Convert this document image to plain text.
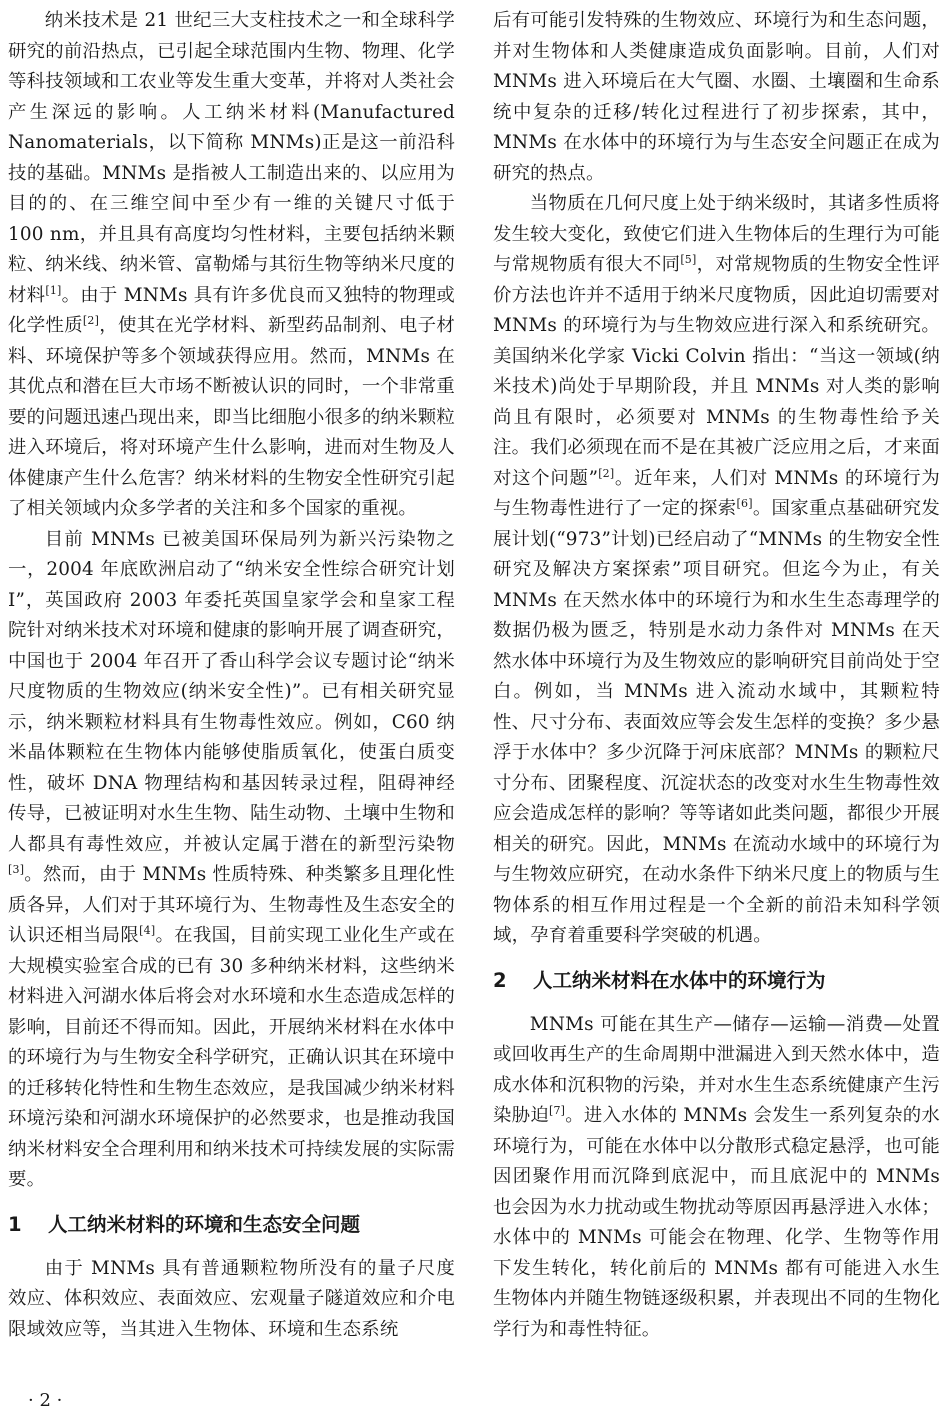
纳米技术是 21 世纪三大支柱技术之一和全球科学研究的前沿热点，已引起全球范围内生物、物理、化学等科技领域和工农业等发生重大变革，并将对人类社会产生深远的影响。人工纳米材料(Manufactured Nanomaterials，以下简称 MNMs)正是这一前沿科技的基础。MNMs 是指被人工制造出来的、以应用为目的的、在三维空间中至少有一维的关键尺寸低于 100 nm，并且具有高度均匀性材料，主要包括纳米颗粒、纳米线、纳米管、富勒烯与其衍生物等纳米尺度的材料[1]。由于 MNMs 具有许多优良而又独特的物理或化学性质[2]，使其在光学材料、新型药品制剂、电子材料、环境保护等多个领域获得应用。然而，MNMs 在其优点和潜在巨大市场不断被认识的同时，一个非常重要的问题迅速凸现出来，即当比细胞小很多的纳米颗粒进入环境后，将对环境产生什么影响，进而对生物及人体健康产生什么危害？纳米材料的生物安全性研究引起了相关领域内众多学者的关注和多个国家的重视。

目前 MNMs 已被美国环保局列为新兴污染物之一，2004 年底欧洲启动了“纳米安全性综合研究计划 I”，英国政府 2003 年委托英国皇家学会和皇家工程院针对纳米技术对环境和健康的影响开展了调查研究，中国也于 2004 年召开了香山科学会议专题讨论“纳米尺度物质的生物效应(纳米安全性)”。已有相关研究显示，纳米颗粒材料具有生物毒性效应。例如，C60 纳米晶体颗粒在生物体内能够使脂质氧化，使蛋白质变性，破坏 DNA 物理结构和基因转录过程，阻碍神经传导，已被证明对水生生物、陆生动物、土壤中生物和人都具有毒性效应，并被认定属于潜在的新型污染物[3]。然而，由于 MNMs 性质特殊、种类繁多且理化性质各异，人们对于其环境行为、生物毒性及生态安全的认识还相当局限[4]。在我国，目前实现工业化生产或在大规模实验室合成的已有 30 多种纳米材料，这些纳米材料进入河湖水体后将会对水环境和水生态造成怎样的影响，目前还不得而知。因此，开展纳米材料在水体中的环境行为与生物安全科学研究，正确认识其在环境中的迁移转化特性和生物生态效应，是我国减少纳米材料环境污染和河湖水环境保护的必然要求，也是推动我国纳米材料安全合理利用和纳米技术可持续发展的实际需要。

1 人工纳米材料的环境和生态安全问题

由于 MNMs 具有普通颗粒物所没有的量子尺度效应、体积效应、表面效应、宏观量子隧道效应和介电限域效应等，当其进入生物体、环境和生态系统

后有可能引发特殊的生物效应、环境行为和生态问题，并对生物体和人类健康造成负面影响。目前，人们对 MNMs 进入环境后在大气圈、水圈、土壤圈和生命系统中复杂的迁移/转化过程进行了初步探索，其中，MNMs 在水体中的环境行为与生态安全问题正在成为研究的热点。

当物质在几何尺度上处于纳米级时，其诸多性质将发生较大变化，致使它们进入生物体后的生理行为可能与常规物质有很大不同[5]，对常规物质的生物安全性评价方法也许并不适用于纳米尺度物质，因此迫切需要对 MNMs 的环境行为与生物效应进行深入和系统研究。美国纳米化学家 Vicki Colvin 指出：“当这一领域(纳米技术)尚处于早期阶段，并且 MNMs 对人类的影响尚且有限时，必须要对 MNMs 的生物毒性给予关注。我们必须现在而不是在其被广泛应用之后，才来面对这个问题”[2]。近年来，人们对 MNMs 的环境行为与生物毒性进行了一定的探索[6]。国家重点基础研究发展计划(“973”计划)已经启动了“MNMs 的生物安全性研究及解决方案探索”项目研究。但迄今为止，有关 MNMs 在天然水体中的环境行为和水生生态毒理学的数据仍极为匮乏，特别是水动力条件对 MNMs 在天然水体中环境行为及生物效应的影响研究目前尚处于空白。例如，当 MNMs 进入流动水域中，其颗粒特性、尺寸分布、表面效应等会发生怎样的变换？多少悬浮于水体中？多少沉降于河床底部？MNMs 的颗粒尺寸分布、团聚程度、沉淀状态的改变对水生生物毒性效应会造成怎样的影响？等等诸如此类问题，都很少开展相关的研究。因此，MNMs 在流动水域中的环境行为与生物效应研究，在动水条件下纳米尺度上的物质与生物体系的相互作用过程是一个全新的前沿未知科学领域，孕育着重要科学突破的机遇。

2 人工纳米材料在水体中的环境行为

MNMs 可能在其生产—储存—运输—消费—处置或回收再生产的生命周期中泄漏进入到天然水体中，造成水体和沉积物的污染，并对水生生态系统健康产生污染胁迫[7]。进入水体的 MNMs 会发生一系列复杂的水环境行为，可能在水体中以分散形式稳定悬浮，也可能因团聚作用而沉降到底泥中，而且底泥中的 MNMs 也会因为水力扰动或生物扰动等原因再悬浮进入水体；水体中的 MNMs 可能会在物理、化学、生物等作用下发生转化，转化前后的 MNMs 都有可能进入水生生物体内并随生物链逐级积累，并表现出不同的生物化学行为和毒性特征。

· 2 ·
